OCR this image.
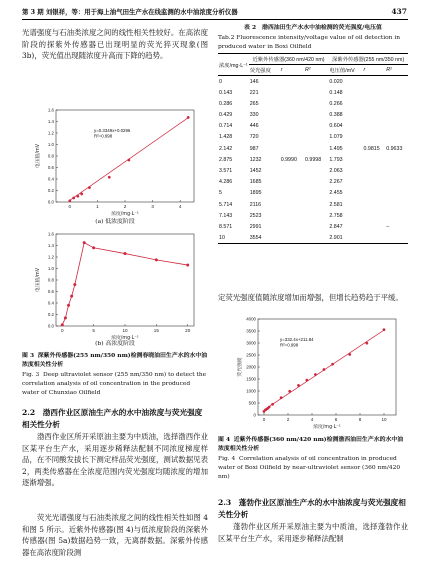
第 3 期 刘银祥，等：用于海上油气田生产水在线监测的水中油浓度分析仪器	437
光谱强度与石油类浓度之间的线性相关性较好。在高浓度阶段的探紫外传感器已出现明显的荧光猝灭现象(图 3b)，荧光值出现随浓度升高而下降的趋势。
0.0
0.2
0.4
0.6
0.8
1.0
1.2
1.4
1.6
0	1	2	3	4
浓度/mg·L⁻¹
电压值/mV
y=0.3349x+0.0296
R²=0.998
(a) 低浓度阶段
0.0
0.2
0.4
0.6
0.8
1.0
1.2
1.4
1.6
0	5	10	15	20
浓度/mg·L⁻¹
电压值/mV
(b) 高浓度阶段
图 3 深紫外传感器(255 nm/350 nm)检测春晓油田生产水的水中油浓度相关性分析
Fig. 3 Deep ultraviolet sensor (255 nm/350 nm) to detect the correlation analysis of oil concentration in the produced water of Chunxiao Oilfield
2.2　渤西作业区原油生产水的水中油浓度与荧光强度相关性分析
渤西作业区所开采原油主要为中质油，选择渤西作业区某平台生产水，采用逐步稀释法配制不同浓度梯度样品，在不同酸发拔长下测定样品荧光强度，测试数据见表 2，两类传感器在全浓度范围内荧光强度均随浓度的增加逐渐增强。
荧光光谱强度与石油类浓度之间的线性相关性如图 4 和图 5 所示。近紫外传感器(图 4)与低浓度阶段的深紫外传感器(图 5a)数据趋势一致，无离群数据。深紫外传感器在高浓度阶段测
表 2　渤西油田生产水水中油检测的荧光强度/电压值
Tab.2 Fluorescence intensity/voltage value of oil detection in produced water in Boxi Oilfield
浓度/mg·L⁻¹	近紫外传感器(360 nm/420 nm)			深紫外传感器(255 nm/350 nm)		
	荧光强度	r	R²	电压值/mV	r	R²
0	146			0.020		
0.143	221			0.148		
0.286	265			0.266		
0.429	330			0.388		
0.714	446			0.604		
1.428	720			1.079		
2.142	987			1.495	0.9815	0.9633
2.875	1232	0.9990	0.9998	1.793		
3.571	1452			2.063		
4.286	1685			2.267		
5	1895			2.455		
5.714	2116			2.581		
7.143	2523			2.758		
8.571	2991			2.847		–
10	3554			2.901		
定荧光强度值随浓度增加而增强，但增长趋势趋于平缓。
0
500
1000
1500
2000
2500
3000
3500
4000
0	2	4	6	8	10
浓度/mg·L⁻¹
荧光强度
y=332.4x+211.84
R²=0.998
图 4 近紫外传感器(360 nm/420 nm)检测渤西油田生产水的水中油浓度相关性分析
Fig. 4 Correlation analysis of oil concentration in produced water of Boxi Oilfield by near-ultraviolet sensor (360 nm/420 nm)
2.3　蓬勃作业区原油生产水的水中油浓度与荧光强度相关性分析
蓬勃作业区所开采原油主要为中质油，选择蓬勃作业区某平台生产水，采用逐步稀释法配制
